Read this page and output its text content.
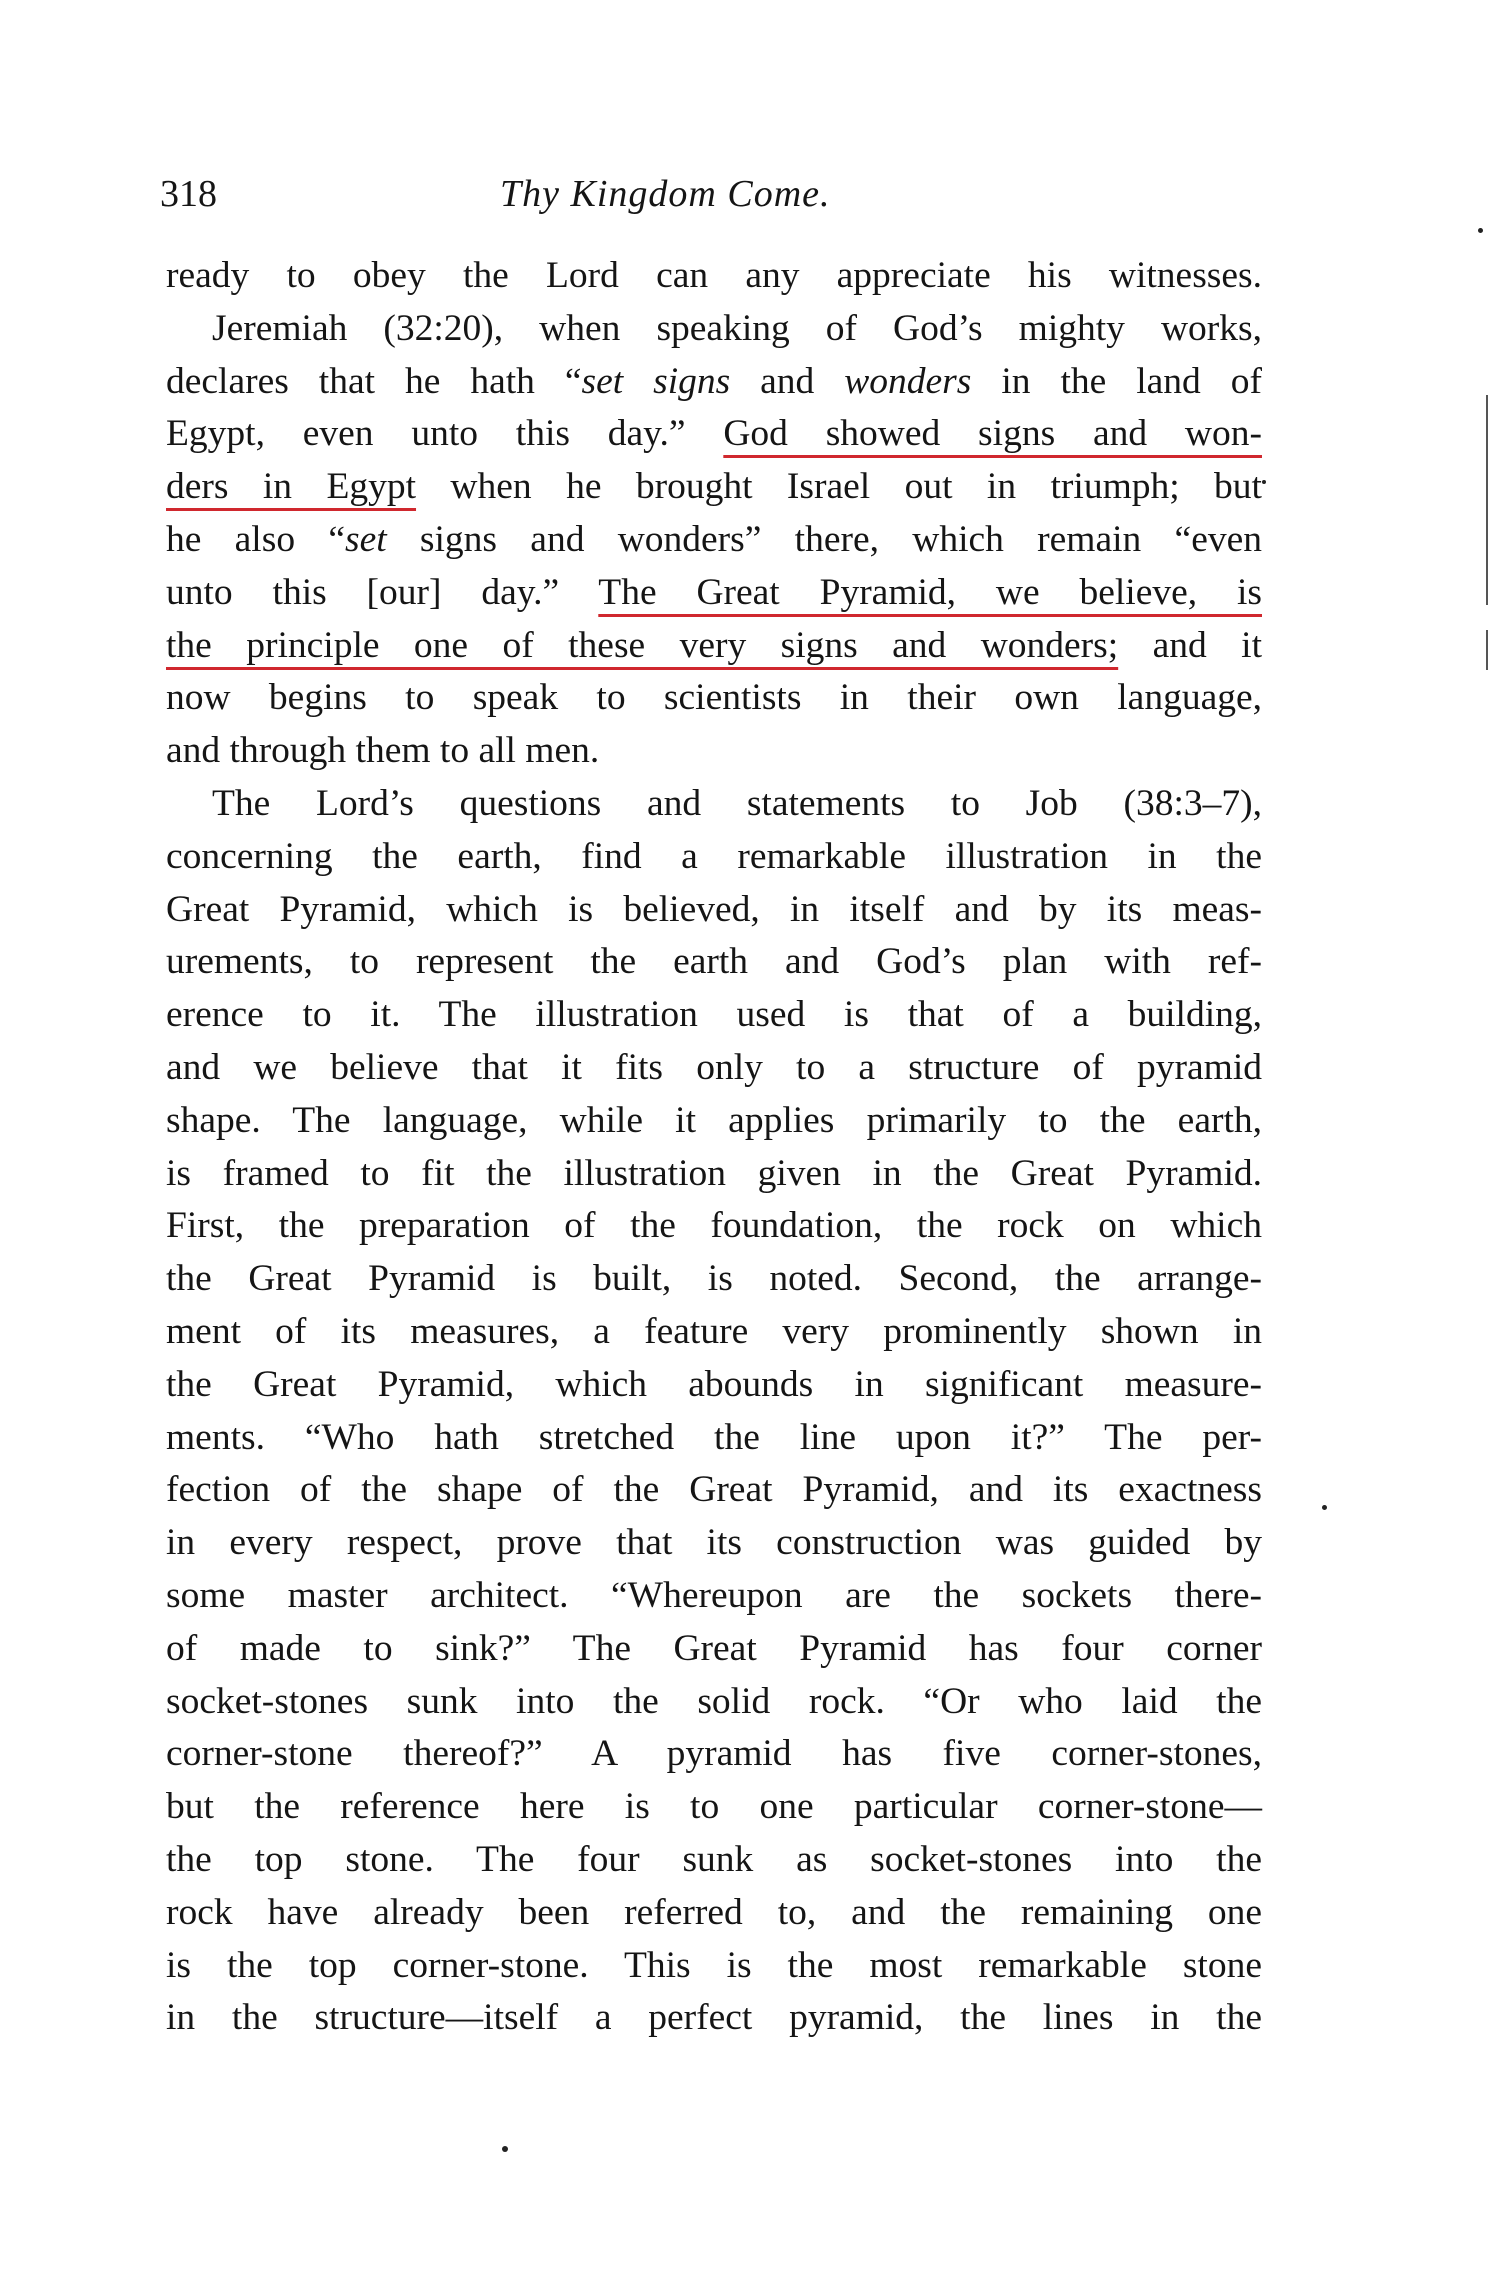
318	Thy Kingdom Come.
ready to obey the Lord can any appreciate his witnesses.
Jeremiah (32:20), when speaking of God’s mighty works,
declares that he hath “set signs and wonders in the land of
Egypt, even unto this day.” God showed signs and won-
ders in Egypt when he brought Israel out in triumph; but
he also “set signs and wonders” there, which remain “even
unto this [our] day.” The Great Pyramid, we believe, is
the principle one of these very signs and wonders; and it
now begins to speak to scientists in their own language,
and through them to all men.
The Lord’s questions and statements to Job (38:3–7),
concerning the earth, find a remarkable illustration in the
Great Pyramid, which is believed, in itself and by its meas-
urements, to represent the earth and God’s plan with ref-
erence to it. The illustration used is that of a building,
and we believe that it fits only to a structure of pyramid
shape. The language, while it applies primarily to the earth,
is framed to fit the illustration given in the Great Pyramid.
First, the preparation of the foundation, the rock on which
the Great Pyramid is built, is noted. Second, the arrange-
ment of its measures, a feature very prominently shown in
the Great Pyramid, which abounds in significant measure-
ments. “Who hath stretched the line upon it?” The per-
fection of the shape of the Great Pyramid, and its exactness
in every respect, prove that its construction was guided by
some master architect. “Whereupon are the sockets there-
of made to sink?” The Great Pyramid has four corner
socket-stones sunk into the solid rock. “Or who laid the
corner-stone thereof?” A pyramid has five corner-stones,
but the reference here is to one particular corner-stone—
the top stone. The four sunk as socket-stones into the
rock have already been referred to, and the remaining one
is the top corner-stone. This is the most remarkable stone
in the structure—itself a perfect pyramid, the lines in the
